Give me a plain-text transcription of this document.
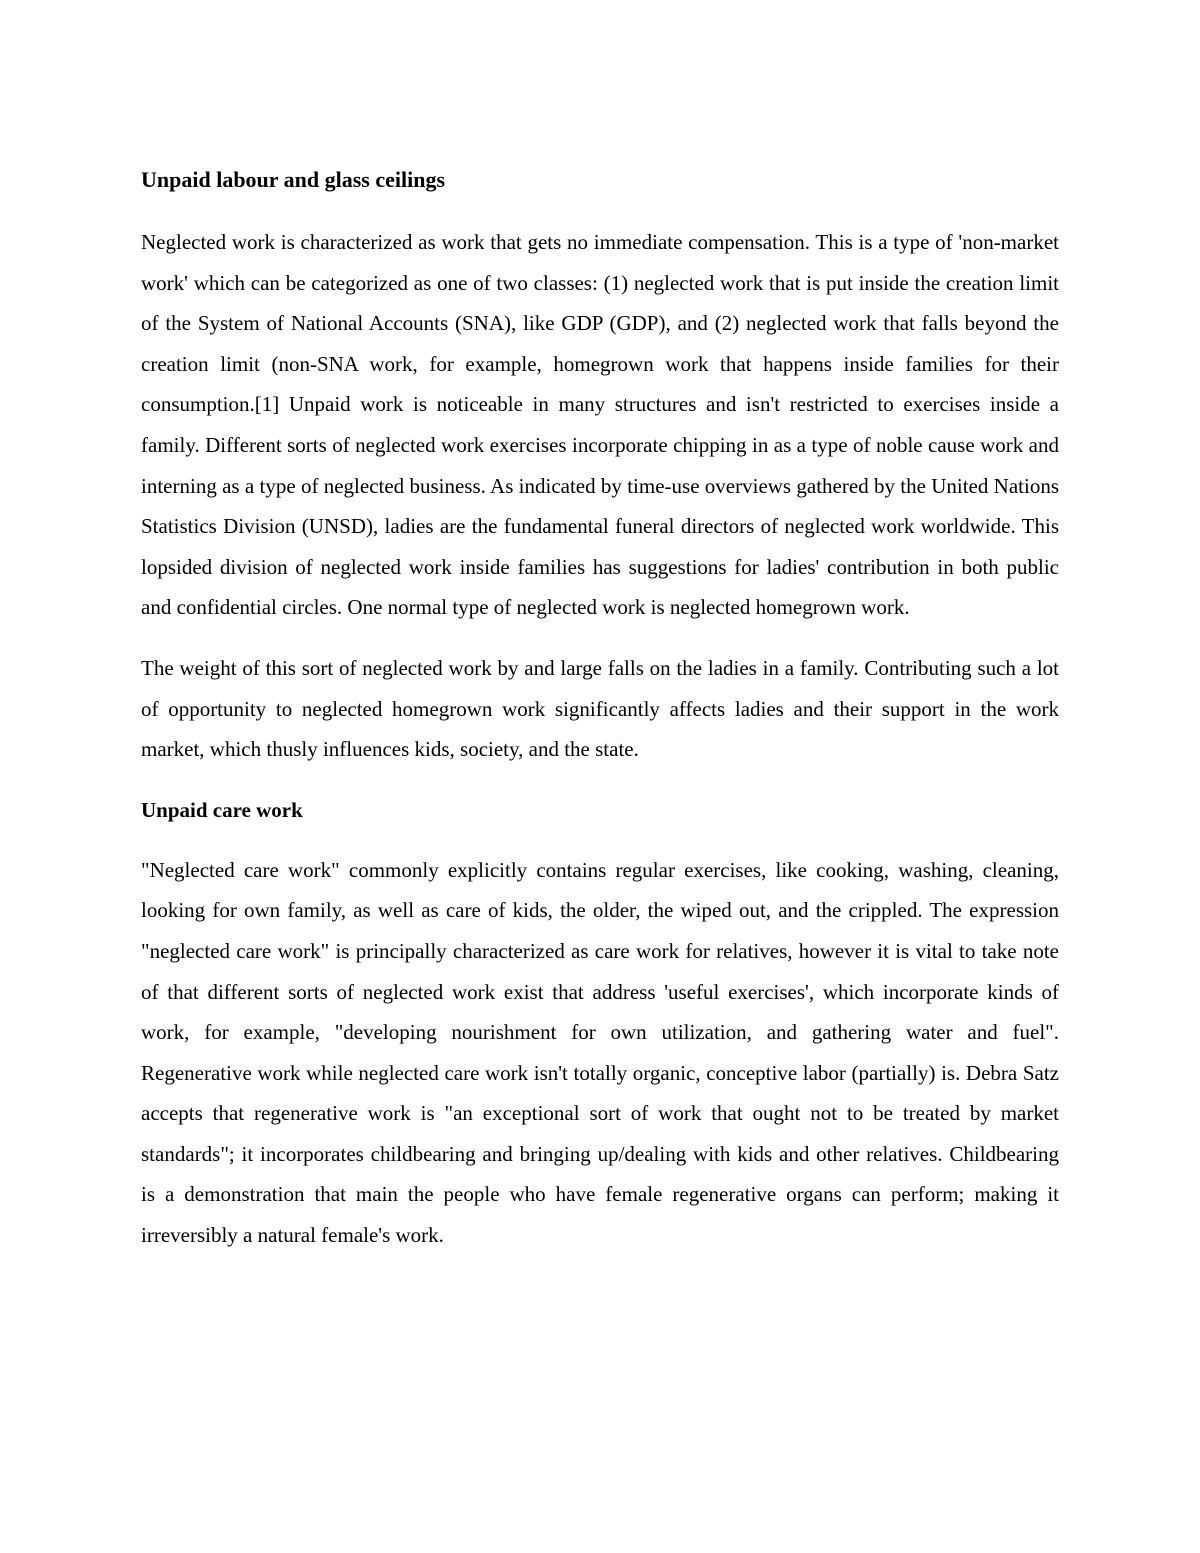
Unpaid labour and glass ceilings

Neglected work is characterized as work that gets no immediate compensation. This is a type of 'non-market work' which can be categorized as one of two classes: (1) neglected work that is put inside the creation limit of the System of National Accounts (SNA), like GDP (GDP), and (2) neglected work that falls beyond the creation limit (non-SNA work, for example, homegrown work that happens inside families for their consumption.[1] Unpaid work is noticeable in many structures and isn't restricted to exercises inside a family. Different sorts of neglected work exercises incorporate chipping in as a type of noble cause work and interning as a type of neglected business. As indicated by time-use overviews gathered by the United Nations Statistics Division (UNSD), ladies are the fundamental funeral directors of neglected work worldwide. This lopsided division of neglected work inside families has suggestions for ladies' contribution in both public and confidential circles. One normal type of neglected work is neglected homegrown work.

The weight of this sort of neglected work by and large falls on the ladies in a family. Contributing such a lot of opportunity to neglected homegrown work significantly affects ladies and their support in the work market, which thusly influences kids, society, and the state.

Unpaid care work

"Neglected care work" commonly explicitly contains regular exercises, like cooking, washing, cleaning, looking for own family, as well as care of kids, the older, the wiped out, and the crippled. The expression "neglected care work" is principally characterized as care work for relatives, however it is vital to take note of that different sorts of neglected work exist that address 'useful exercises', which incorporate kinds of work, for example, "developing nourishment for own utilization, and gathering water and fuel". Regenerative work while neglected care work isn't totally organic, conceptive labor (partially) is. Debra Satz accepts that regenerative work is "an exceptional sort of work that ought not to be treated by market standards"; it incorporates childbearing and bringing up/dealing with kids and other relatives. Childbearing is a demonstration that main the people who have female regenerative organs can perform; making it irreversibly a natural female's work.
